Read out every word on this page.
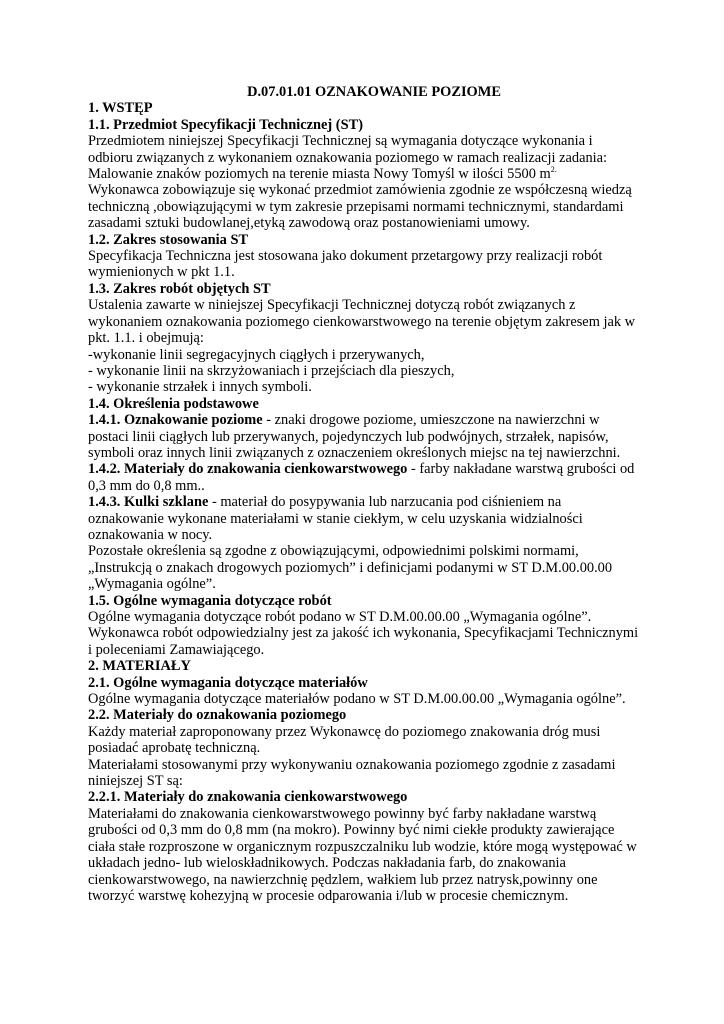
D.07.01.01 OZNAKOWANIE POZIOME

1. WSTĘP

1.1. Przedmiot Specyfikacji Technicznej (ST)

Przedmiotem niniejszej Specyfikacji Technicznej są wymagania dotyczące wykonania i odbioru związanych z wykonaniem oznakowania poziomego w ramach realizacji zadania: Malowanie znaków poziomych na terenie miasta Nowy Tomyśl w ilości 5500 $m^{2.}$

Wykonawca zobowiązuje się wykonać przedmiot zamówienia zgodnie ze współczesną wiedzą techniczną ,obowiązującymi w tym zakresie przepisami normami technicznymi, standardami zasadami sztuki budowlanej,etyką zawodową oraz postanowieniami umowy.

1.2. Zakres stosowania ST

Specyfikacja Techniczna jest stosowana jako dokument przetargowy przy realizacji robót wymienionych w pkt 1.1.

1.3. Zakres robót objętych ST

Ustalenia zawarte w niniejszej Specyfikacji Technicznej dotyczą robót związanych z wykonaniem oznakowania poziomego cienkowarstwowego na terenie objętym zakresem jak w pkt. 1.1. i obejmują:

-wykonanie linii segregacyjnych ciągłych i przerywanych,

- wykonanie linii na skrzyżowaniach i przejściach dla pieszych,

- wykonanie strzałek i innych symboli.

1.4. Określenia podstawowe

1.4.1. Oznakowanie poziome - znaki drogowe poziome, umieszczone na nawierzchni w postaci linii ciągłych lub przerywanych, pojedynczych lub podwójnych, strzałek, napisów, symboli oraz innych linii związanych z oznaczeniem określonych miejsc na tej nawierzchni.

1.4.2. Materiały do znakowania cienkowarstwowego - farby nakładane warstwą grubości od 0,3 mm do 0,8 mm..

1.4.3. Kulki szklane - materiał do posypywania lub narzucania pod ciśnieniem na oznakowanie wykonane materiałami w stanie ciekłym, w celu uzyskania widzialności oznakowania w nocy.

Pozostałe określenia są zgodne z obowiązującymi, odpowiednimi polskimi normami, „Instrukcją o znakach drogowych poziomych” i definicjami podanymi w ST D.M.00.00.00 „Wymagania ogólne”.

1.5. Ogólne wymagania dotyczące robót

Ogólne wymagania dotyczące robót podano w ST D.M.00.00.00 „Wymagania ogólne”. Wykonawca robót odpowiedzialny jest za jakość ich wykonania, Specyfikacjami Technicznymi i poleceniami Zamawiającego.

2. MATERIAŁY

2.1. Ogólne wymagania dotyczące materiałów

Ogólne wymagania dotyczące materiałów podano w ST D.M.00.00.00 „Wymagania ogólne”.

2.2. Materiały do oznakowania poziomego

Każdy materiał zaproponowany przez Wykonawcę do poziomego znakowania dróg musi posiadać aprobatę techniczną.

Materiałami stosowanymi przy wykonywaniu oznakowania poziomego zgodnie z zasadami niniejszej ST są:

2.2.1. Materiały do znakowania cienkowarstwowego

Materiałami do znakowania cienkowarstwowego powinny być farby nakładane warstwą grubości od 0,3 mm do 0,8 mm (na mokro). Powinny być nimi ciekłe produkty zawierające ciała stałe rozproszone w organicznym rozpuszczalniku lub wodzie, które mogą występować w układach jedno- lub wieloskładnikowych. Podczas nakładania farb, do znakowania cienkowarstwowego, na nawierzchnię pędzlem, wałkiem lub przez natrysk,powinny one tworzyć warstwę kohezyjną w procesie odparowania i/lub w procesie chemicznym.
